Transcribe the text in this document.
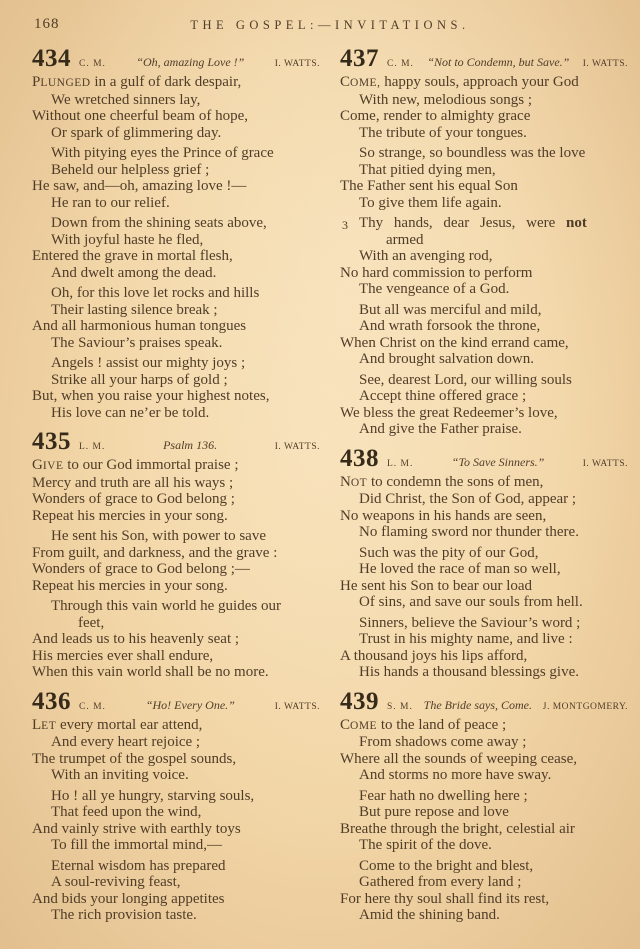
168	THE GOSPEL:—INVITATIONS.
434 C. M.	“Oh, amazing Love !”	I. WATTS.
PLUNGED in a gulf of dark despair,
We wretched sinners lay,
Without one cheerful beam of hope,
Or spark of glimmering day.
With pitying eyes the Prince of grace
Beheld our helpless grief ;
He saw, and—oh, amazing love !—
He ran to our relief.
Down from the shining seats above,
With joyful haste he fled,
Entered the grave in mortal flesh,
And dwelt among the dead.
Oh, for this love let rocks and hills
Their lasting silence break ;
And all harmonious human tongues
The Saviour’s praises speak.
Angels ! assist our mighty joys ;
Strike all your harps of gold ;
But, when you raise your highest notes,
His love can ne’er be told.
435 L. M.	Psalm 136.	I. WATTS.
GIVE to our God immortal praise ;
Mercy and truth are all his ways ;
Wonders of grace to God belong ;
Repeat his mercies in your song.
He sent his Son, with power to save
From guilt, and darkness, and the grave :
Wonders of grace to God belong ;—
Repeat his mercies in your song.
Through this vain world he guides our
feet,
And leads us to his heavenly seat ;
His mercies ever shall endure,
When this vain world shall be no more.
436 C. M.	“Ho! Every One.”	I. WATTS.
LET every mortal ear attend,
And every heart rejoice ;
The trumpet of the gospel sounds,
With an inviting voice.
Ho ! all ye hungry, starving souls,
That feed upon the wind,
And vainly strive with earthly toys
To fill the immortal mind,—
Eternal wisdom has prepared
A soul-reviving feast,
And bids your longing appetites
The rich provision taste.
437 C. M.	“Not to Condemn, but Save.”	I. WATTS.
COME, happy souls, approach your God
With new, melodious songs ;
Come, render to almighty grace
The tribute of your tongues.
So strange, so boundless was the love
That pitied dying men,
The Father sent his equal Son
To give them life again.
3 Thy hands, dear Jesus, were not
armed
With an avenging rod,
No hard commission to perform
The vengeance of a God.
But all was merciful and mild,
And wrath forsook the throne,
When Christ on the kind errand came,
And brought salvation down.
See, dearest Lord, our willing souls
Accept thine offered grace ;
We bless the great Redeemer’s love,
And give the Father praise.
438 L. M.	“To Save Sinners.”	I. WATTS.
NOT to condemn the sons of men,
Did Christ, the Son of God, appear ;
No weapons in his hands are seen,
No flaming sword nor thunder there.
Such was the pity of our God,
He loved the race of man so well,
He sent his Son to bear our load
Of sins, and save our souls from hell.
Sinners, believe the Saviour’s word ;
Trust in his mighty name, and live :
A thousand joys his lips afford,
His hands a thousand blessings give.
439 S. M. The Bride says, Come.	J. MONTGOMERY.
COME to the land of peace ;
From shadows come away ;
Where all the sounds of weeping cease,
And storms no more have sway.
Fear hath no dwelling here ;
But pure repose and love
Breathe through the bright, celestial air
The spirit of the dove.
Come to the bright and blest,
Gathered from every land ;
For here thy soul shall find its rest,
Amid the shining band.
